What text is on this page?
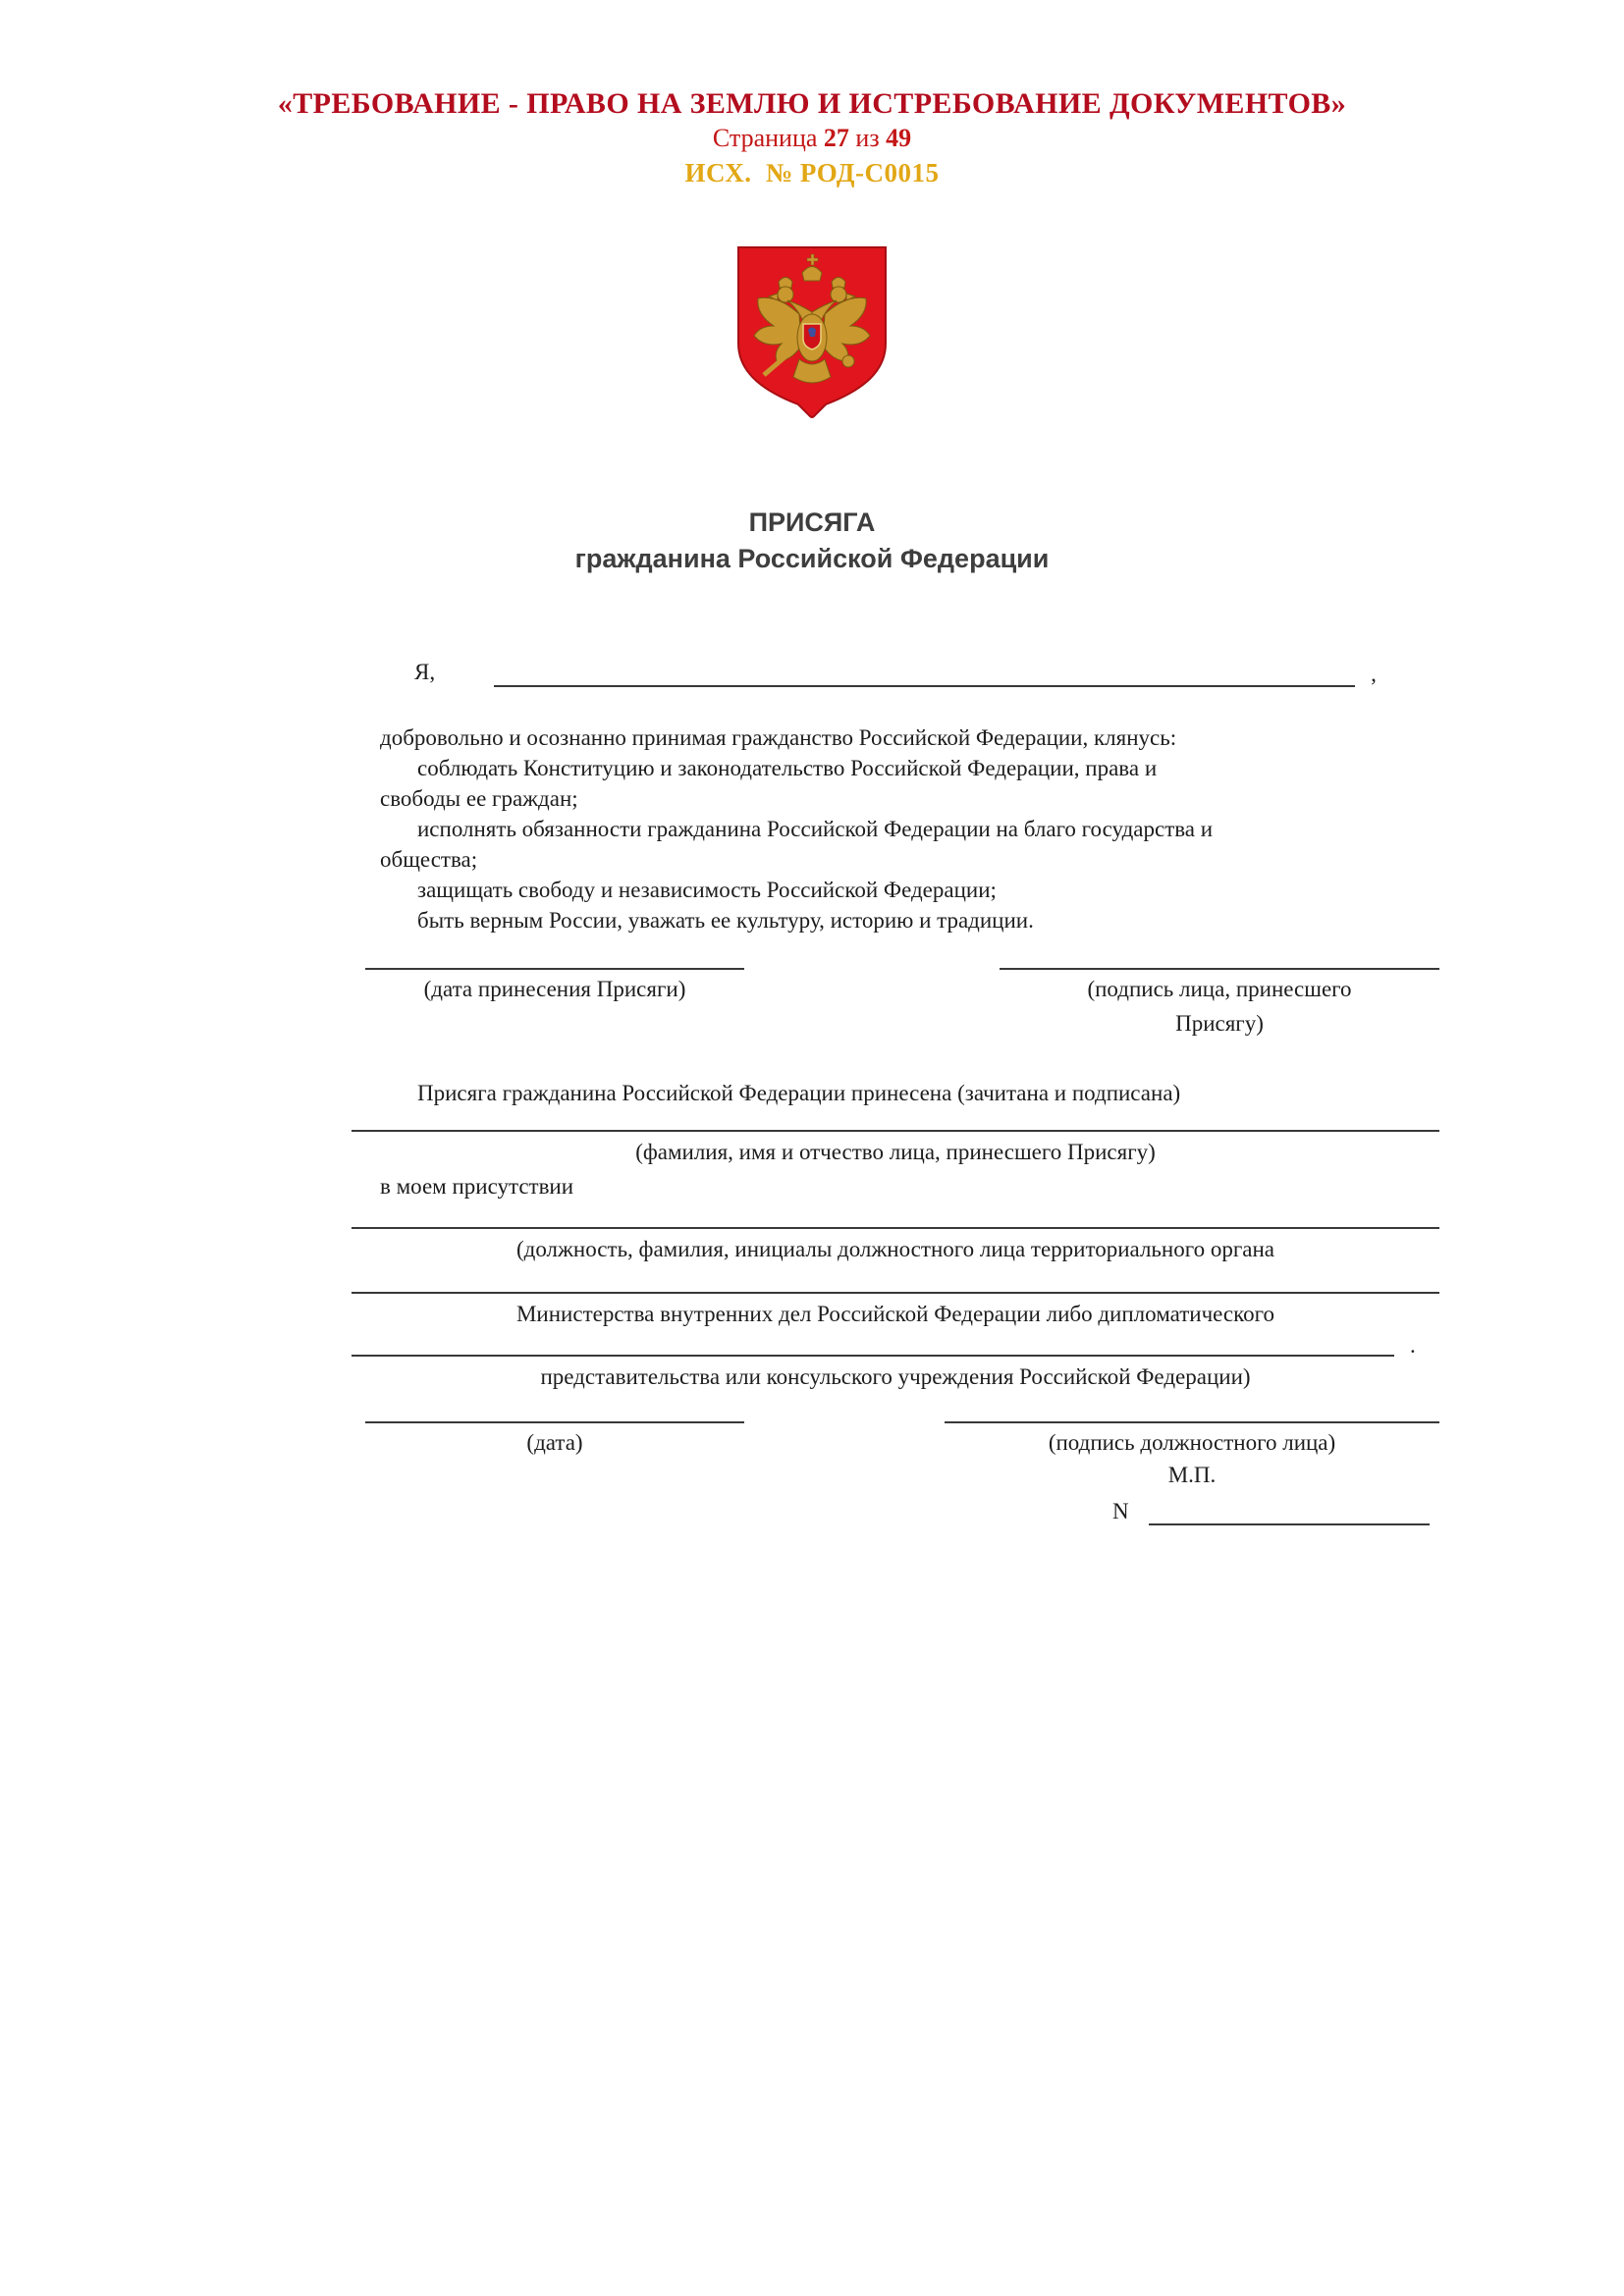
«ТРЕБОВАНИЕ - ПРАВО НА ЗЕМЛЮ И ИСТРЕБОВАНИЕ ДОКУМЕНТОВ»
Страница 27 из 49
ИСХ.  № РОД-С0015
ПРИСЯГА
гражданина Российской Федерации
Я,	,
добровольно и осознанно принимая гражданство Российской Федерации, клянусь:
соблюдать Конституцию и законодательство Российской Федерации, права и
свободы ее граждан;
исполнять обязанности гражданина Российской Федерации на благо государства и
общества;
защищать свободу и независимость Российской Федерации;
быть верным России, уважать ее культуру, историю и традиции.
(дата принесения Присяги)	(подпись лица, принесшего
Присягу)
Присяга гражданина Российской Федерации принесена (зачитана и подписана)
(фамилия, имя и отчество лица, принесшего Присягу)
в моем присутствии
(должность, фамилия, инициалы должностного лица территориального органа
Министерства внутренних дел Российской Федерации либо дипломатического
.
представительства или консульского учреждения Российской Федерации)
(дата)	(подпись должностного лица)
М.П.
N
